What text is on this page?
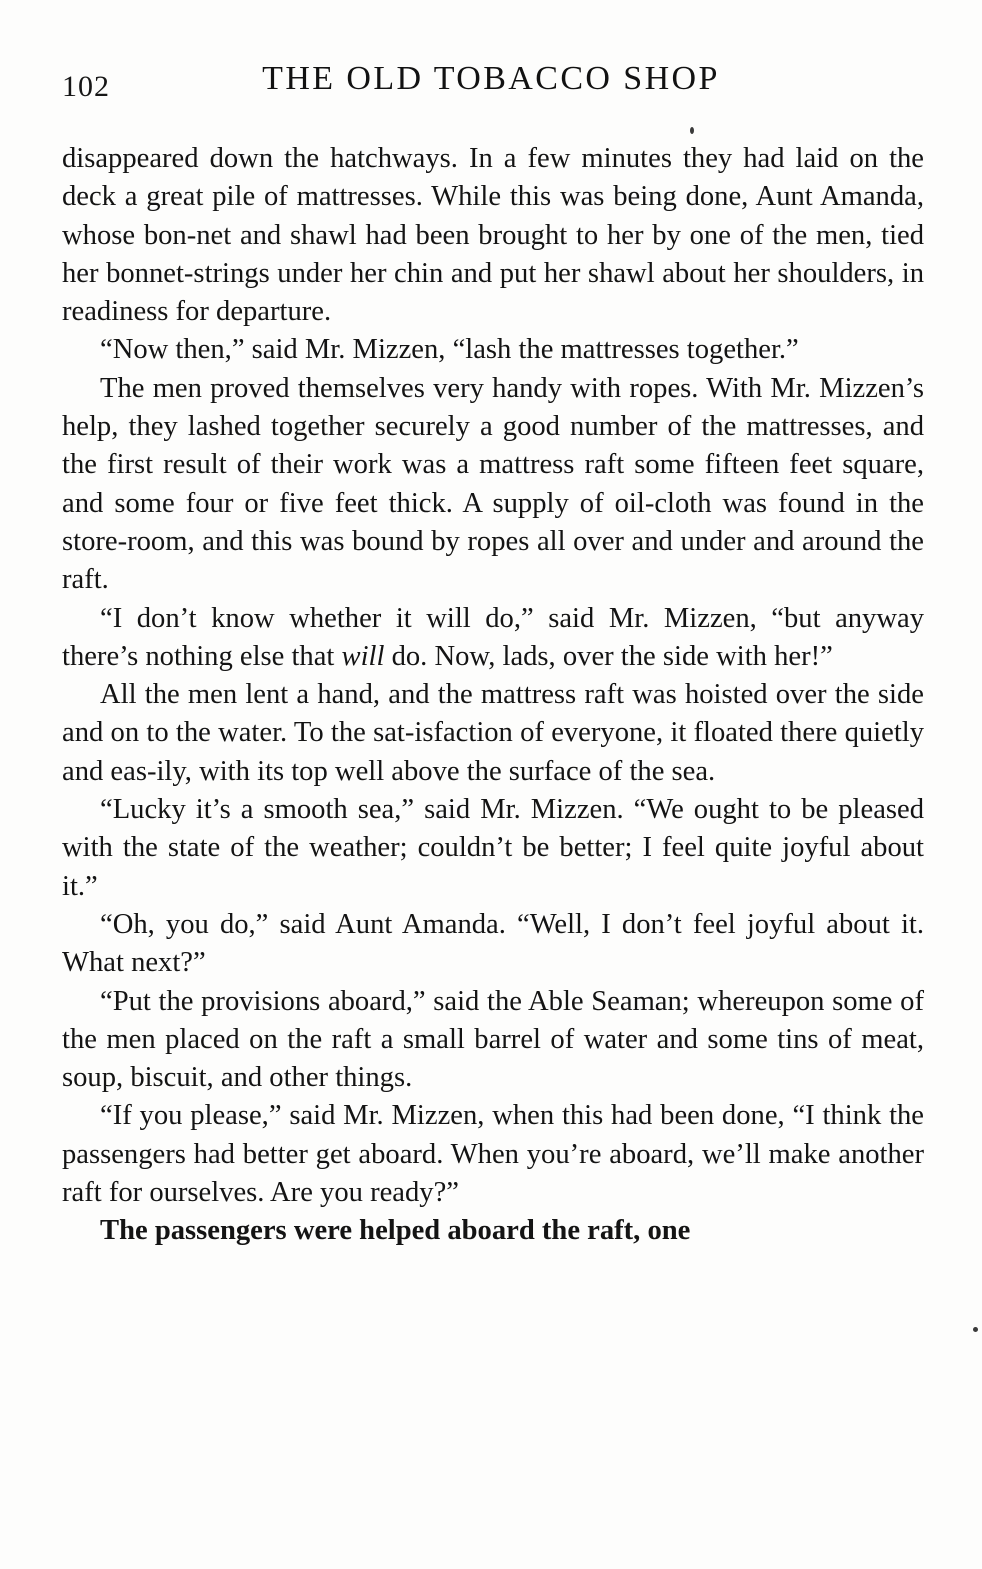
102	THE OLD TOBACCO SHOP

disappeared down the hatchways. In a few minutes they had laid on the deck a great pile of mattresses. While this was being done, Aunt Amanda, whose bon-net and shawl had been brought to her by one of the men, tied her bonnet-strings under her chin and put her shawl about her shoulders, in readiness for departure.

“Now then,” said Mr. Mizzen, “lash the mattresses together.”

The men proved themselves very handy with ropes. With Mr. Mizzen’s help, they lashed together securely a good number of the mattresses, and the first result of their work was a mattress raft some fifteen feet square, and some four or five feet thick. A supply of oil-cloth was found in the store-room, and this was bound by ropes all over and under and around the raft.

“I don’t know whether it will do,” said Mr. Mizzen, “but anyway there’s nothing else that will do. Now, lads, over the side with her!”

All the men lent a hand, and the mattress raft was hoisted over the side and on to the water. To the sat-isfaction of everyone, it floated there quietly and eas-ily, with its top well above the surface of the sea.

“Lucky it’s a smooth sea,” said Mr. Mizzen. “We ought to be pleased with the state of the weather; couldn’t be better; I feel quite joyful about it.”

“Oh, you do,” said Aunt Amanda. “Well, I don’t feel joyful about it. What next?”

“Put the provisions aboard,” said the Able Seaman; whereupon some of the men placed on the raft a small barrel of water and some tins of meat, soup, biscuit, and other things.

“If you please,” said Mr. Mizzen, when this had been done, “I think the passengers had better get aboard. When you’re aboard, we’ll make another raft for ourselves. Are you ready?”

The passengers were helped aboard the raft, one
